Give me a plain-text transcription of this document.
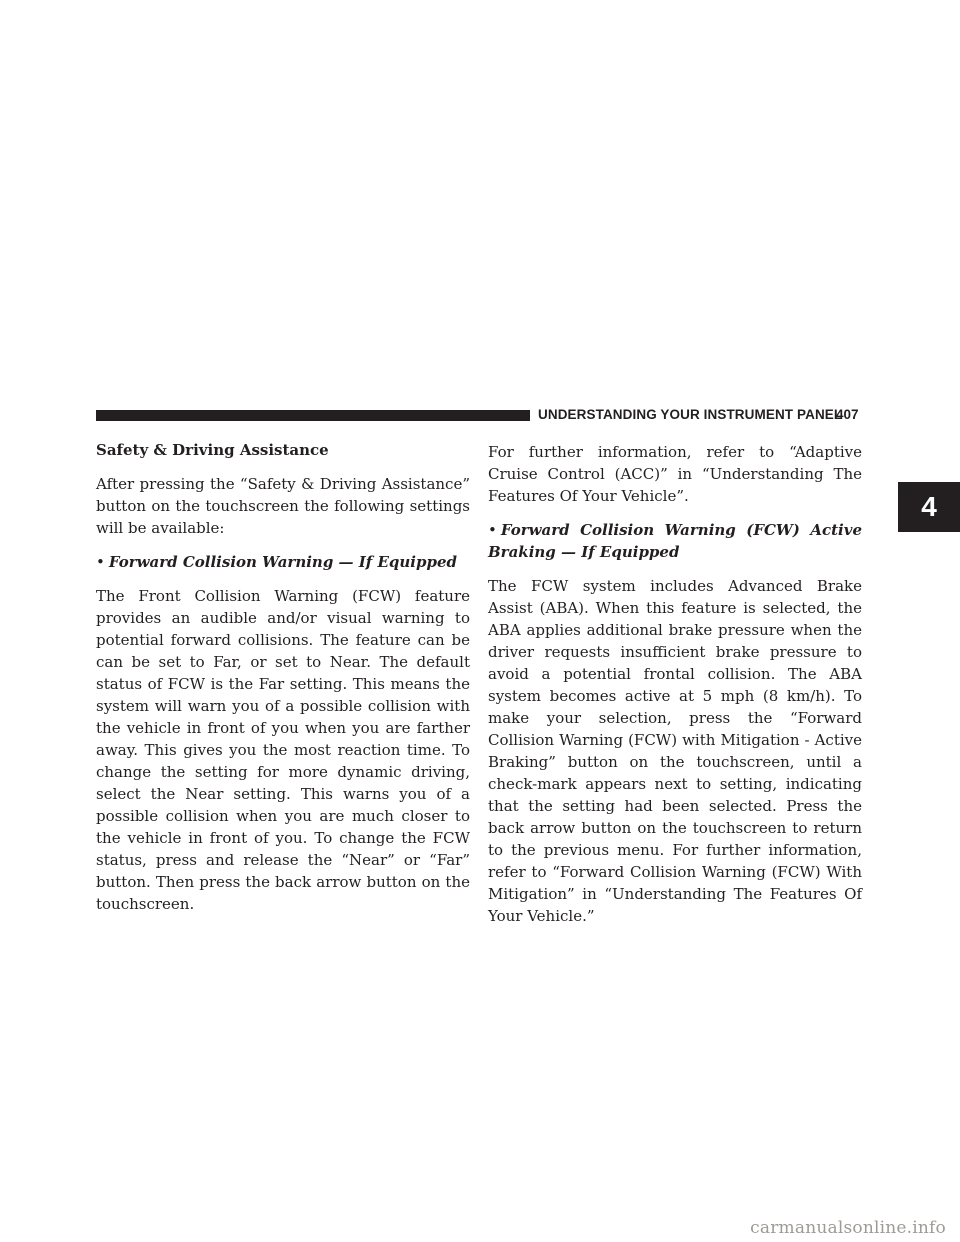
UNDERSTANDING YOUR INSTRUMENT PANEL
407
4

Safety & Driving Assistance

After pressing the “Safety & Driving Assistance” button on the touchscreen the following settings will be available:

• Forward Collision Warning — If Equipped

The Front Collision Warning (FCW) feature provides an audible and/or visual warning to potential forward collisions. The feature can be can be set to Far, or set to Near. The default status of FCW is the Far setting. This means the system will warn you of a possible collision with the vehicle in front of you when you are farther away. This gives you the most reaction time. To change the setting for more dynamic driving, select the Near setting. This warns you of a possible collision when you are much closer to the vehicle in front of you. To change the FCW status, press and release the “Near” or “Far” button. Then press the back arrow button on the touchscreen.

For further information, refer to “Adaptive Cruise Control (ACC)” in “Understanding The Features Of Your Vehicle”.

• Forward Collision Warning (FCW) Active Braking — If Equipped

The FCW system includes Advanced Brake Assist (ABA). When this feature is selected, the ABA applies additional brake pressure when the driver requests insufficient brake pressure to avoid a potential frontal collision. The ABA system becomes active at 5 mph (8 km/h). To make your selection, press the “Forward Collision Warning (FCW) with Mitigation - Active Braking” button on the touchscreen, until a check-mark appears next to setting, indicating that the setting had been selected. Press the back arrow button on the touchscreen to return to the previous menu. For further information, refer to “Forward Collision Warning (FCW) With Mitigation” in “Understanding The Features Of Your Vehicle.”

carmanualsonline.info
